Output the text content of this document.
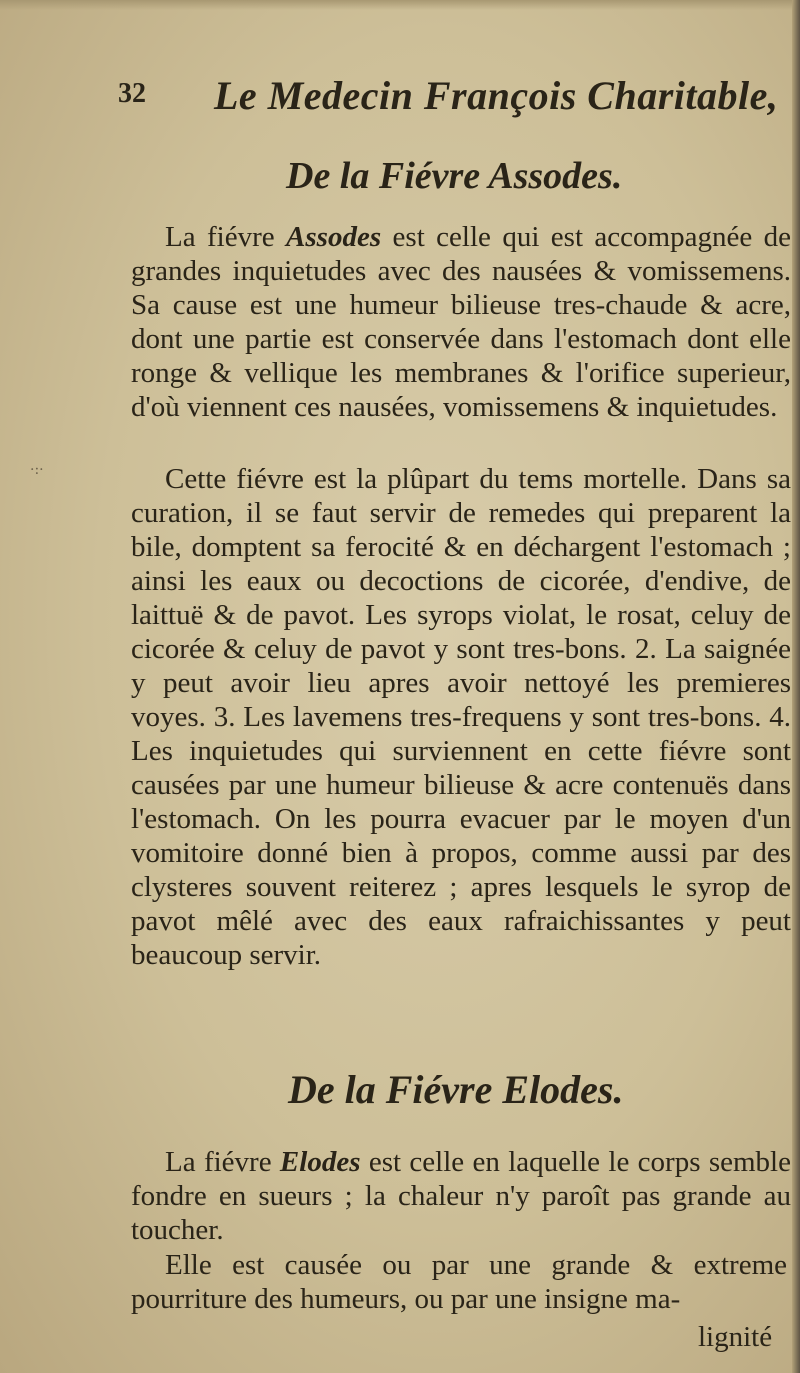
·:·
32 Le Medecin François Charitable,
De la Fiévre Assodes.

La fiévre Assodes est celle qui est accompagnée de grandes inquietudes avec des nausées & vomissemens. Sa cause est une humeur bilieuse tres-chaude & acre, dont une partie est conservée dans l'estomach dont elle ronge & vellique les membranes & l'orifice superieur, d'où viennent ces nausées, vomissemens & inquietudes.

Cette fiévre est la plûpart du tems mortelle. Dans sa curation, il se faut servir de remedes qui preparent la bile, domptent sa ferocité & en déchargent l'estomach ; ainsi les eaux ou decoctions de cicorée, d'endive, de laittuë & de pavot. Les syrops violat, le rosat, celuy de cicorée & celuy de pavot y sont tres-bons. 2. La saignée y peut avoir lieu apres avoir nettoyé les premieres voyes. 3. Les lavemens tres-frequens y sont tres-bons. 4. Les inquietudes qui surviennent en cette fiévre sont causées par une humeur bilieuse & acre contenuës dans l'estomach. On les pourra evacuer par le moyen d'un vomitoire donné bien à propos, comme aussi par des clysteres souvent reiterez ; apres lesquels le syrop de pavot mêlé avec des eaux rafraichissantes y peut beaucoup servir.

De la Fiévre Elodes.

La fiévre Elodes est celle en laquelle le corps semble fondre en sueurs ; la chaleur n'y paroît pas grande au toucher.

Elle est causée ou par une grande & extreme pourriture des humeurs, ou par une insigne ma-

lignité
